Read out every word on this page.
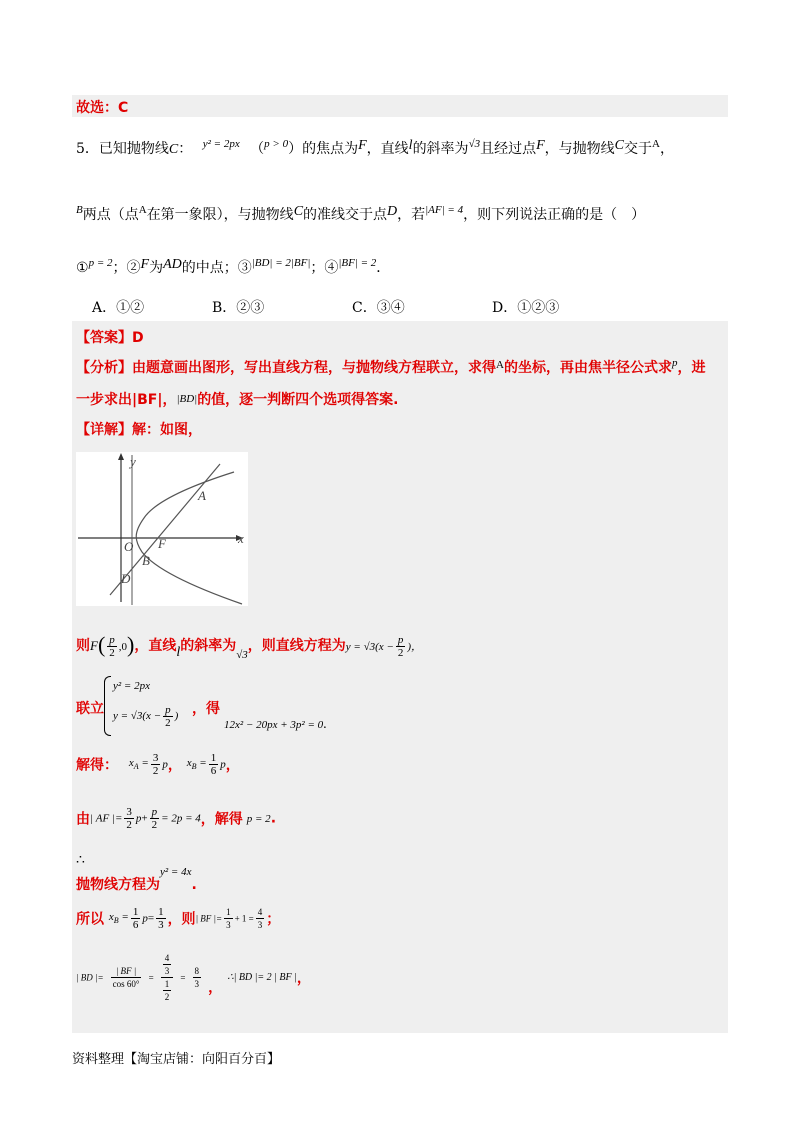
故选：C
5．已知抛物线C： $^{y^2 = 2px}$ （$^{p > 0}$）的焦点为F，直线l的斜率为$^{√3}$且经过点F，与抛物线C交于$^A$，
$^B$两点（点$^A$在第一象限），与抛物线C的准线交于点D，若$^{|AF| = 4}$，则下列说法正确的是（　）
①$^{p = 2}$；②F为AD的中点；③$^{|BD| = 2|BF|}$；④$^{|BF| = 2}$．
A．①②	B．②③	C．③④	D．①②③
【答案】D
【分析】由题意画出图形，写出直线方程，与抛物线方程联立，求得$^A$的坐标，再由焦半径公式求$^p$，进
一步求出|BF|，|BD|的值，逐一判断四个选项得答案.
【详解】解：如图，
y
x
O F
A
B
D
则$F( \frac{p}{2} ,0)$，直线l的斜率为$_{√3}$，则直线方程为$y = √3(x - \frac{p}{2}$ )，
联立
y² = 2px
$y = √3(x - \frac{p}{2}$ ) ，得
12x² − 20px + 3p² = 0.
解得： $x_A = \frac{3}{2}$ p， $x_B = \frac{1}{6}$ p，
由| AF |= $\frac{3}{2} p+ \frac{p}{2} = 2p = 4$，解得 p = 2.
∴
抛物线方程为$^{y^2 = 4x}$.
所以 $x_B = \frac{1}{6} p= \frac{1}{3}$ ，则| BF |= $\frac{1}{3} + 1 = \frac{4}{3}$ ；
| BD |= $\frac{| BF |}{\cos 60^\circ} = \frac{\frac{4}{3}}{\frac{1}{2}} = \frac{8}{3}$ ， ∴| BD |= 2 | BF |，
资料整理【淘宝店铺：向阳百分百】
